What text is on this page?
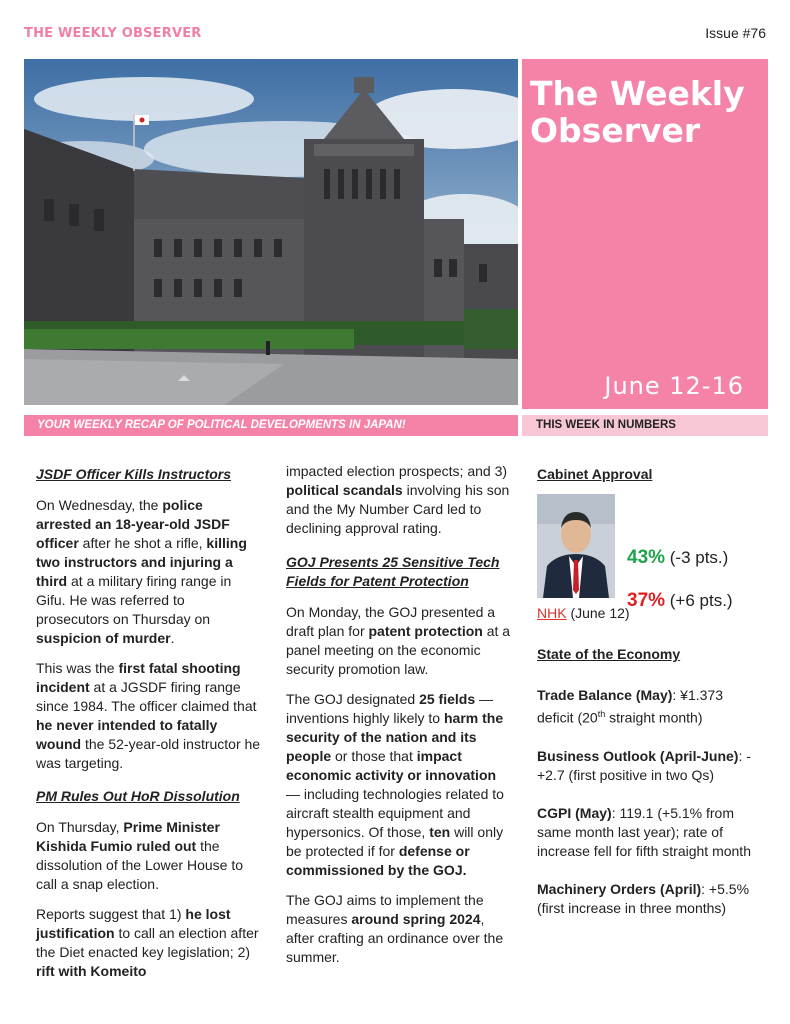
THE WEEKLY OBSERVER	Issue #76
The Weekly
Observer
June 12-16
YOUR WEEKLY RECAP OF POLITICAL DEVELOPMENTS IN JAPAN!	THIS WEEK IN NUMBERS
JSDF Officer Kills Instructors

On Wednesday, the police arrested an 18-year-old JSDF officer after he shot a rifle, killing two instructors and injuring a third at a military firing range in Gifu. He was referred to prosecutors on Thursday on suspicion of murder.

This was the first fatal shooting incident at a JGSDF firing range since 1984. The officer claimed that he never intended to fatally wound the 52-year-old instructor he was targeting.

PM Rules Out HoR Dissolution

On Thursday, Prime Minister Kishida Fumio ruled out the dissolution of the Lower House to call a snap election.

Reports suggest that 1) he lost justification to call an election after the Diet enacted key legislation; 2) rift with Komeito

impacted election prospects; and 3) political scandals involving his son and the My Number Card led to declining approval rating.

GOJ Presents 25 Sensitive Tech Fields for Patent Protection

On Monday, the GOJ presented a draft plan for patent protection at a panel meeting on the economic security promotion law.

The GOJ designated 25 fields — inventions highly likely to harm the security of the nation and its people or those that impact economic activity or innovation — including technologies related to aircraft stealth equipment and hypersonics. Of those, ten will only be protected if for defense or commissioned by the GOJ.

The GOJ aims to implement the measures around spring 2024, after crafting an ordinance over the summer.

Cabinet Approval
43% (-3 pts.)
37% (+6 pts.)
NHK (June 12)
State of the Economy

Trade Balance (May): ¥1.373 deficit (20th straight month)

Business Outlook (April-June): -+2.7 (first positive in two Qs)

CGPI (May): 119.1 (+5.1% from same month last year); rate of increase fell for fifth straight month

Machinery Orders (April): +5.5% (first increase in three months)
